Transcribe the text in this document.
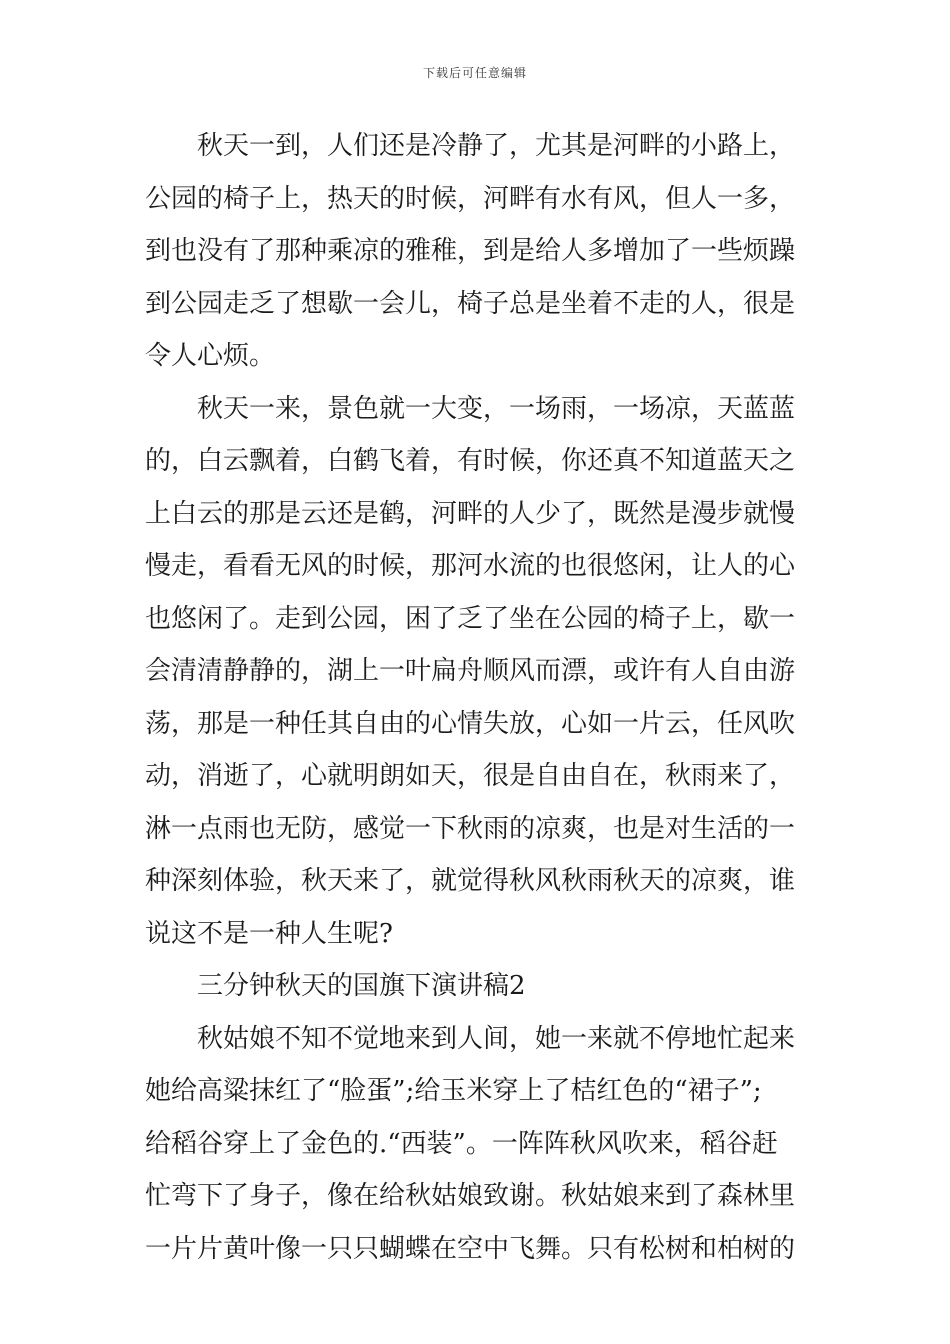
下载后可任意编辑
秋天一到，人们还是冷静了，尤其是河畔的小路上，
公园的椅子上，热天的时候，河畔有水有风，但人一多，
到也没有了那种乘凉的雅稚，到是给人多增加了一些烦躁
到公园走乏了想歇一会儿，椅子总是坐着不走的人，很是
令人心烦。
秋天一来，景色就一大变，一场雨，一场凉，天蓝蓝
的，白云飘着，白鹤飞着，有时候，你还真不知道蓝天之
上白云的那是云还是鹤，河畔的人少了，既然是漫步就慢
慢走，看看无风的时候，那河水流的也很悠闲，让人的心
也悠闲了。走到公园，困了乏了坐在公园的椅子上，歇一
会清清静静的，湖上一叶扁舟顺风而漂，或许有人自由游
荡，那是一种任其自由的心情失放，心如一片云，任风吹
动，消逝了，心就明朗如天，很是自由自在，秋雨来了，
淋一点雨也无防，感觉一下秋雨的凉爽，也是对生活的一
种深刻体验，秋天来了，就觉得秋风秋雨秋天的凉爽，谁
说这不是一种人生呢?
三分钟秋天的国旗下演讲稿2
秋姑娘不知不觉地来到人间，她一来就不停地忙起来
她给高粱抹红了“脸蛋”;给玉米穿上了桔红色的“裙子”;
给稻谷穿上了金色的.“西装”。一阵阵秋风吹来，稻谷赶
忙弯下了身子，像在给秋姑娘致谢。秋姑娘来到了森林里
一片片黄叶像一只只蝴蝶在空中飞舞。只有松树和柏树的
